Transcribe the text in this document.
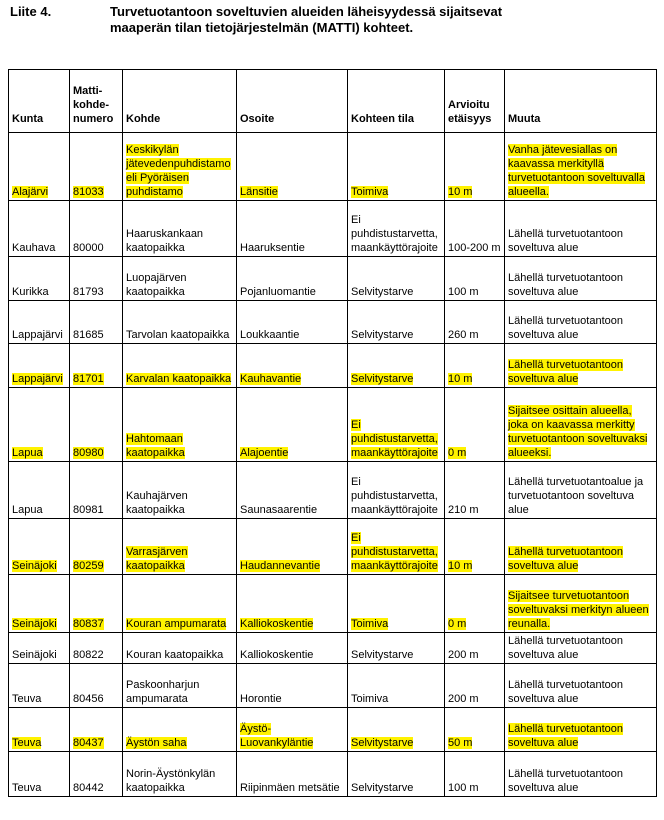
Liite 4.	Turvetuotantoon soveltuvien alueiden läheisyydessä sijaitsevat maaperän tilan tietojärjestelmän (MATTI) kohteet.
Kunta	Matti-kohde-numero	Kohde	Osoite	Kohteen tila	Arvioitu etäisyys	Muuta
Alajärvi	81033	Keskikylän jätevedenpuhdistamo eli Pyöräisen puhdistamo	Länsitie	Toimiva	10 m	Vanha jätevesiallas on kaavassa merkityllä turvetuotantoon soveltuvalla alueella.
Kauhava	80000	Haaruskankaan kaatopaikka	Haaruksentie	Ei puhdistustarvetta, maankäyttörajoite	100-200 m	Lähellä turvetuotantoon soveltuva alue
Kurikka	81793	Luopajärven kaatopaikka	Pojanluomantie	Selvitystarve	100 m	Lähellä turvetuotantoon soveltuva alue
Lappajärvi	81685	Tarvolan kaatopaikka	Loukkaantie	Selvitystarve	260 m	Lähellä turvetuotantoon soveltuva alue
Lappajärvi	81701	Karvalan kaatopaikka	Kauhavantie	Selvitystarve	10 m	Lähellä turvetuotantoon soveltuva alue
Lapua	80980	Hahtomaan kaatopaikka	Alajoentie	Ei puhdistustarvetta, maankäyttörajoite	0 m	Sijaitsee osittain alueella, joka on kaavassa merkitty turvetuotantoon soveltuvaksi alueeksi.
Lapua	80981	Kauhajärven kaatopaikka	Saunasaarentie	Ei puhdistustarvetta, maankäyttörajoite	210 m	Lähellä turvetuotantoalue ja turvetuotantoon soveltuva alue
Seinäjoki	80259	Varrasjärven kaatopaikka	Haudannevantie	Ei puhdistustarvetta, maankäyttörajoite	10 m	Lähellä turvetuotantoon soveltuva alue
Seinäjoki	80837	Kouran ampumarata	Kalliokoskentie	Toimiva	0 m	Sijaitsee turvetuotantoon soveltuvaksi merkityn alueen reunalla.
Seinäjoki	80822	Kouran kaatopaikka	Kalliokoskentie	Selvitystarve	200 m	Lähellä turvetuotantoon soveltuva alue
Teuva	80456	Paskoonharjun ampumarata	Horontie	Toimiva	200 m	Lähellä turvetuotantoon soveltuva alue
Teuva	80437	Äystön saha	Äystö-Luovankyläntie	Selvitystarve	50 m	Lähellä turvetuotantoon soveltuva alue
Teuva	80442	Norin-Äystönkylän kaatopaikka	Riipinmäen metsätie	Selvitystarve	100 m	Lähellä turvetuotantoon soveltuva alue
